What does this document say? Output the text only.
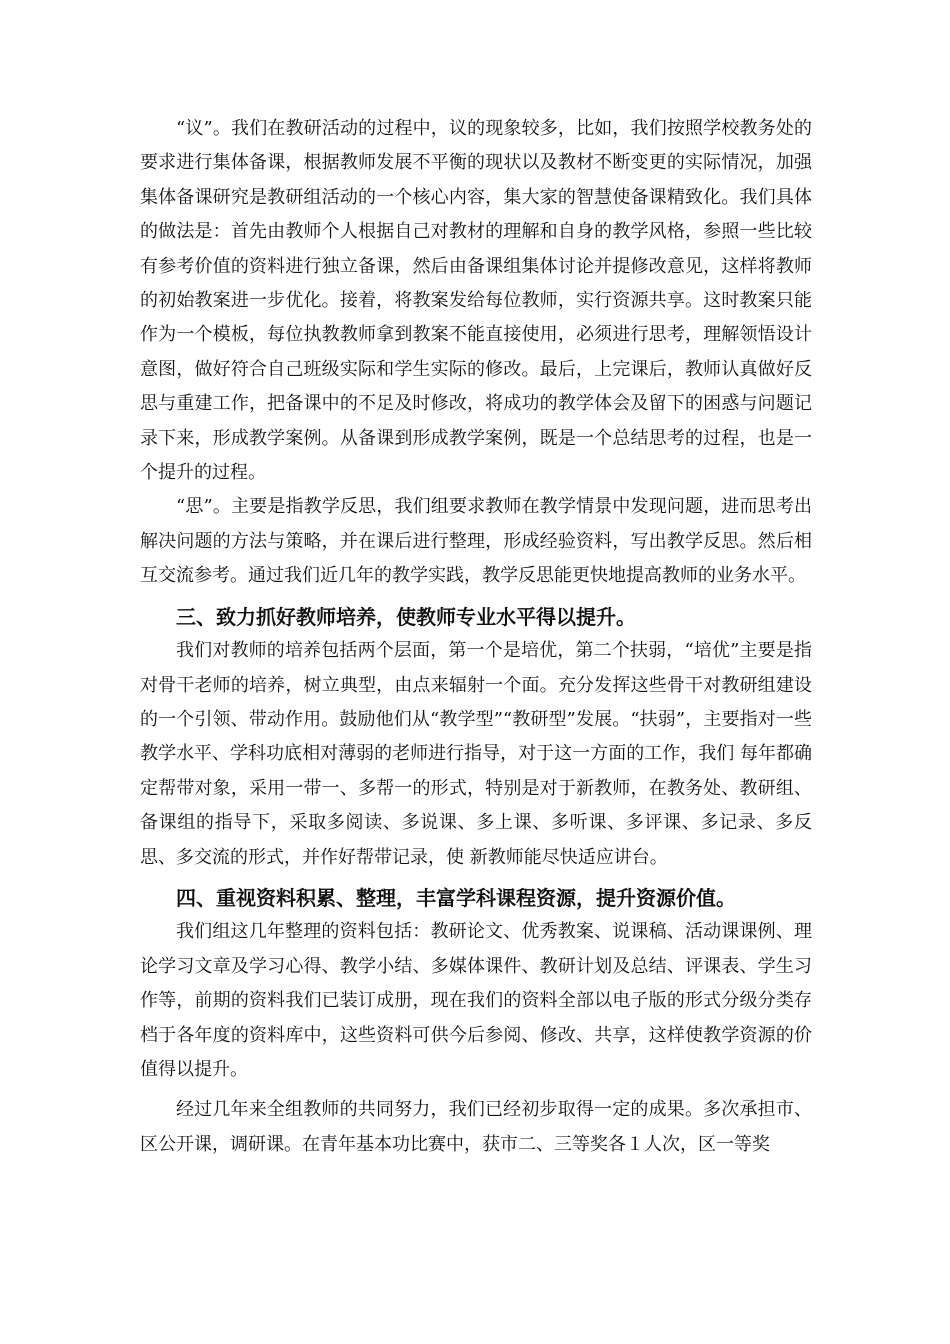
“议”。我们在教研活动的过程中，议的现象较多，比如，我们按照学校教务处的要求进行集体备课，根据教师发展不平衡的现状以及教材不断变更的实际情况，加强集体备课研究是教研组活动的一个核心内容，集大家的智慧使备课精致化。我们具体的做法是：首先由教师个人根据自己对教材的理解和自身的教学风格，参照一些比较有参考价值的资料进行独立备课，然后由备课组集体讨论并提修改意见，这样将教师的初始教案进一步优化。接着，将教案发给每位教师，实行资源共享。这时教案只能作为一个模板，每位执教教师拿到教案不能直接使用，必须进行思考，理解领悟设计意图，做好符合自己班级实际和学生实际的修改。最后，上完课后，教师认真做好反思与重建工作，把备课中的不足及时修改，将成功的教学体会及留下的困惑与问题记录下来，形成教学案例。从备课到形成教学案例，既是一个总结思考的过程，也是一个提升的过程。

“思”。主要是指教学反思，我们组要求教师在教学情景中发现问题，进而思考出解决问题的方法与策略，并在课后进行整理，形成经验资料，写出教学反思。然后相互交流参考。通过我们近几年的教学实践，教学反思能更快地提高教师的业务水平。

三、致力抓好教师培养，使教师专业水平得以提升。

我们对教师的培养包括两个层面，第一个是培优，第二个扶弱，“培优”主要是指对骨干老师的培养，树立典型，由点来辐射一个面。充分发挥这些骨干对教研组建设的一个引领、带动作用。鼓励他们从“教学型”“教研型”发展。“扶弱”，主要指对一些教学水平、学科功底相对薄弱的老师进行指导，对于这一方面的工作，我们 每年都确定帮带对象，采用一带一、多帮一的形式，特别是对于新教师，在教务处、教研组、备课组的指导下，采取多阅读、多说课、多上课、多听课、多评课、多记录、多反思、多交流的形式，并作好帮带记录，使 新教师能尽快适应讲台。

四、重视资料积累、整理，丰富学科课程资源，提升资源价值。

我们组这几年整理的资料包括：教研论文、优秀教案、说课稿、活动课课例、理论学习文章及学习心得、教学小结、多媒体课件、教研计划及总结、评课表、学生习作等，前期的资料我们已装订成册，现在我们的资料全部以电子版的形式分级分类存档于各年度的资料库中，这些资料可供今后参阅、修改、共享，这样使教学资源的价值得以提升。

经过几年来全组教师的共同努力，我们已经初步取得一定的成果。多次承担市、区公开课，调研课。在青年基本功比赛中，获市二、三等奖各１人次，区一等奖
